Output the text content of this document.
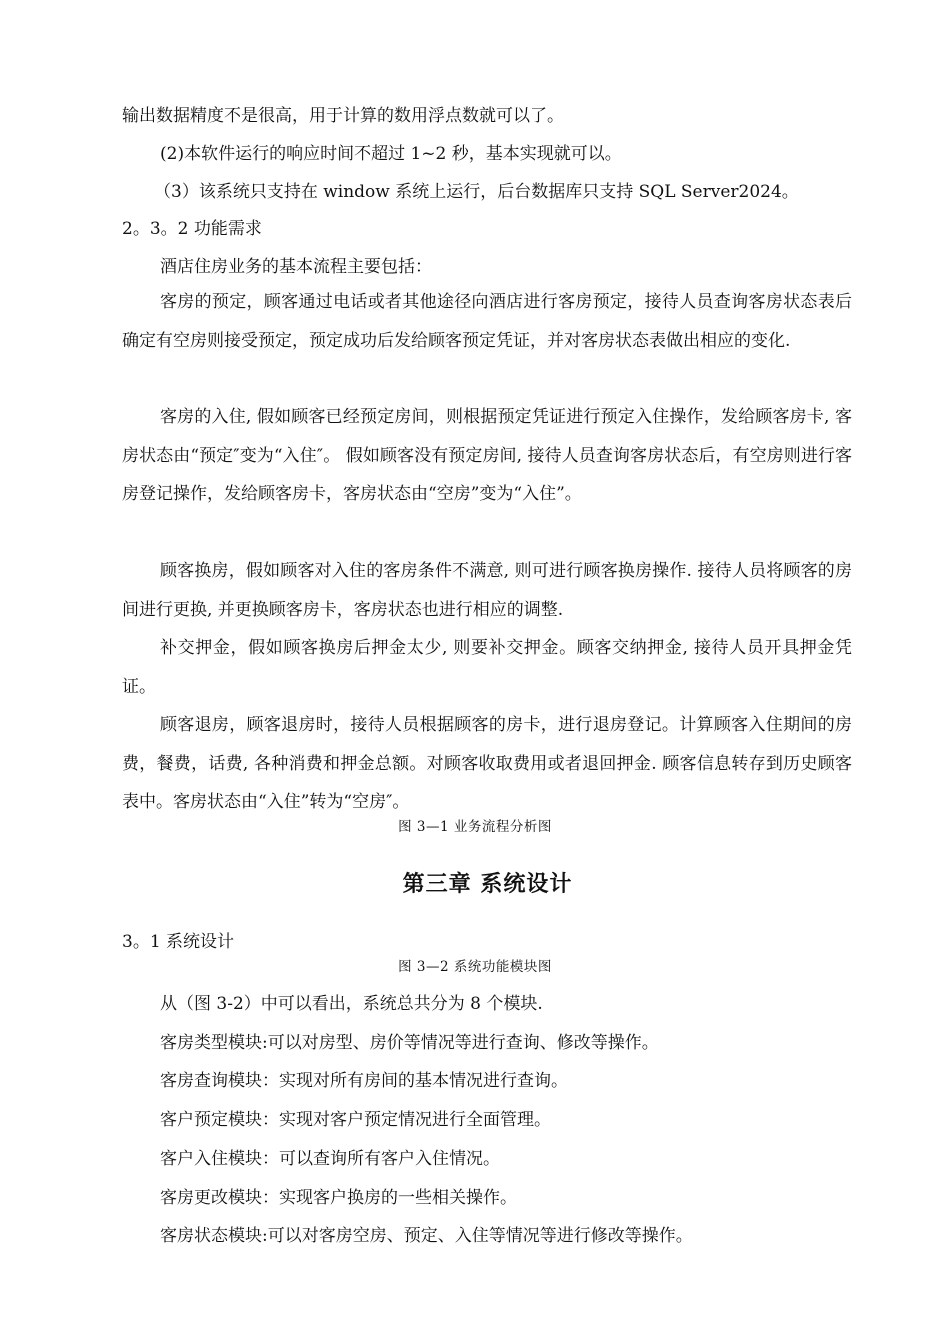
输出数据精度不是很高，用于计算的数用浮点数就可以了。

(2)本软件运行的响应时间不超过 1~2 秒，基本实现就可以。

（3）该系统只支持在 window 系统上运行，后台数据库只支持 SQL Server2024。

2。3。2 功能需求

酒店住房业务的基本流程主要包括：

客房的预定，顾客通过电话或者其他途径向酒店进行客房预定，接待人员查询客房状态表后确定有空房则接受预定，预定成功后发给顾客预定凭证，并对客房状态表做出相应的变化.

客房的入住, 假如顾客已经预定房间，则根据预定凭证进行预定入住操作，发给顾客房卡, 客房状态由“预定″变为“入住″。 假如顾客没有预定房间, 接待人员查询客房状态后，有空房则进行客房登记操作，发给顾客房卡，客房状态由“空房”变为“入住”。

顾客换房，假如顾客对入住的客房条件不满意, 则可进行顾客换房操作. 接待人员将顾客的房间进行更换, 并更换顾客房卡，客房状态也进行相应的调整.

补交押金，假如顾客换房后押金太少, 则要补交押金。顾客交纳押金, 接待人员开具押金凭证。

顾客退房，顾客退房时，接待人员根据顾客的房卡，进行退房登记。计算顾客入住期间的房费，餐费，话费, 各种消费和押金总额。对顾客收取费用或者退回押金. 顾客信息转存到历史顾客表中。客房状态由“入住”转为“空房″。

图 3—1 业务流程分析图

第三章 系统设计

3。1 系统设计

图 3—2 系统功能模块图

从（图 3-2）中可以看出，系统总共分为 8 个模块.
客房类型模块:可以对房型、房价等情况等进行查询、修改等操作。
客房查询模块：实现对所有房间的基本情况进行查询。
客户预定模块：实现对客户预定情况进行全面管理。
客户入住模块：可以查询所有客户入住情况。
客房更改模块：实现客户换房的一些相关操作。
客房状态模块:可以对客房空房、预定、入住等情况等进行修改等操作。
